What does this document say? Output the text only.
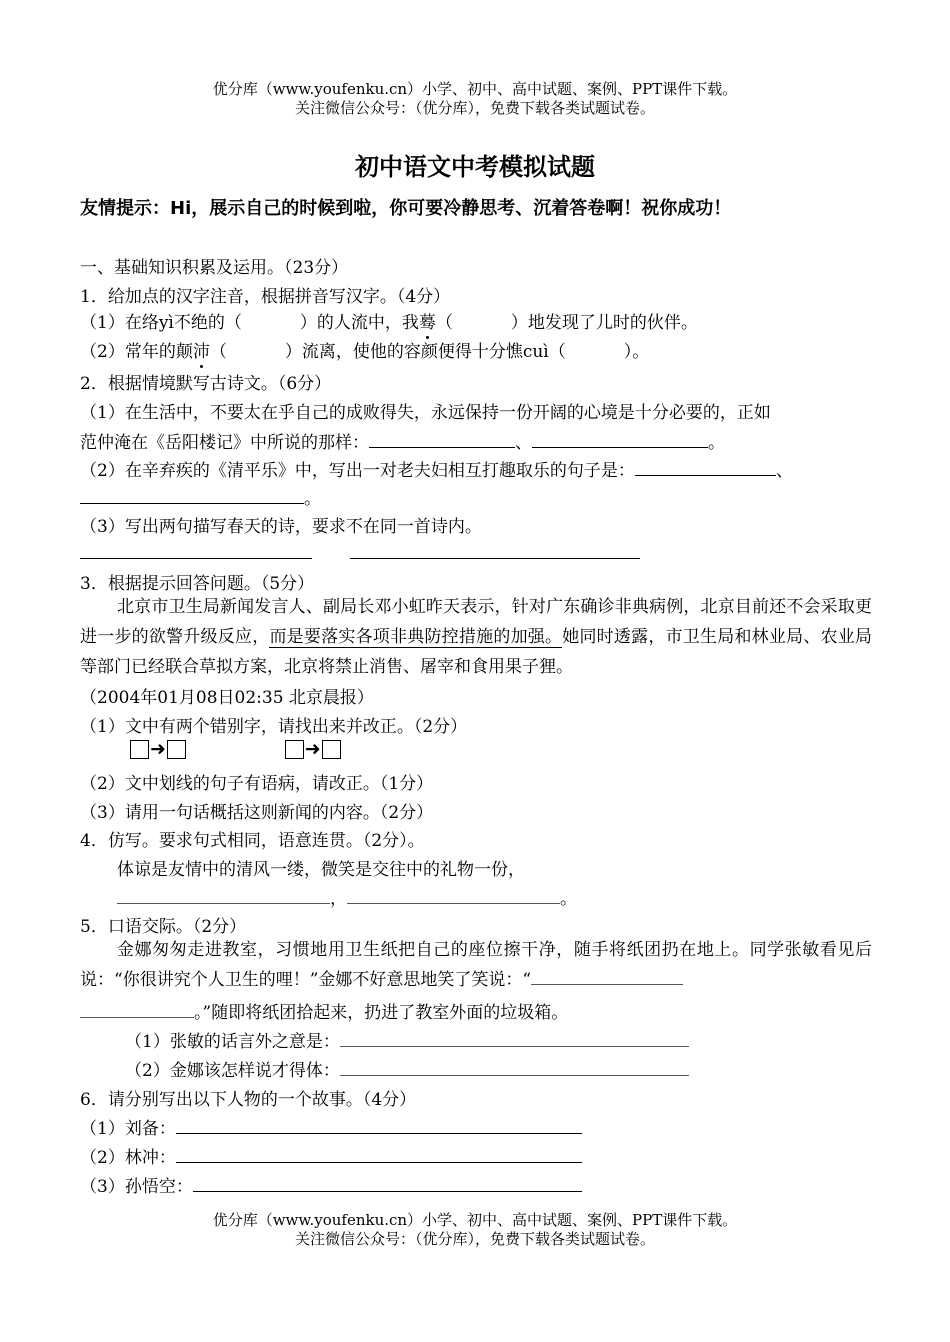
优分库（www.youfenku.cn）小学、初中、高中试题、案例、PPT课件下载。
关注微信公众号：（优分库），免费下载各类试题试卷。
初中语文中考模拟试题
友情提示：Hi，展示自己的时候到啦，你可要冷静思考、沉着答卷啊！祝你成功！
一、基础知识积累及运用。（23分）
1．给加点的汉字注音，根据拼音写汉字。（4分）
（1）在络yì不绝的（	）的人流中，我蓦（	）地发现了儿时的伙伴。
（2）常年的颠沛（	）流离，使他的容颜便得十分憔cuì（	）。
2．根据情境默写古诗文。（6分）
（1）在生活中，不要太在乎自己的成败得失，永远保持一份开阔的心境是十分必要的，正如
范仲淹在《岳阳楼记》中所说的那样：	、	。
（2）在辛弃疾的《清平乐》中，写出一对老夫妇相互打趣取乐的句子是：	、
。
（3）写出两句描写春天的诗，要求不在同一首诗内。
3．根据提示回答问题。（5分）
北京市卫生局新闻发言人、副局长邓小虹昨天表示，针对广东确诊非典病例，北京目前还不会采取更进一步的欲警升级反应，而是要落实各项非典防控措施的加强。她同时透露，市卫生局和林业局、农业局等部门已经联合草拟方案，北京将禁止消售、屠宰和食用果子狸。
（2004年01月08日02:35 北京晨报）
（1）文中有两个错别字，请找出来并改正。（2分）
➜	➜
（2）文中划线的句子有语病，请改正。（1分）
（3）请用一句话概括这则新闻的内容。（2分）
4．仿写。要求句式相同，语意连贯。（2分）。
体谅是友情中的清风一缕，微笑是交往中的礼物一份，
，	。
5．口语交际。（2分）
金娜匆匆走进教室，习惯地用卫生纸把自己的座位擦干净，随手将纸团扔在地上。同学张敏看见后说：“你很讲究个人卫生的哩！”金娜不好意思地笑了笑说：“
。”随即将纸团拾起来，扔进了教室外面的垃圾箱。
（1）张敏的话言外之意是：
（2）金娜该怎样说才得体：
6．请分别写出以下人物的一个故事。（4分）
（1）刘备：
（2）林冲：
（3）孙悟空：
优分库（www.youfenku.cn）小学、初中、高中试题、案例、PPT课件下载。
关注微信公众号：（优分库），免费下载各类试题试卷。
